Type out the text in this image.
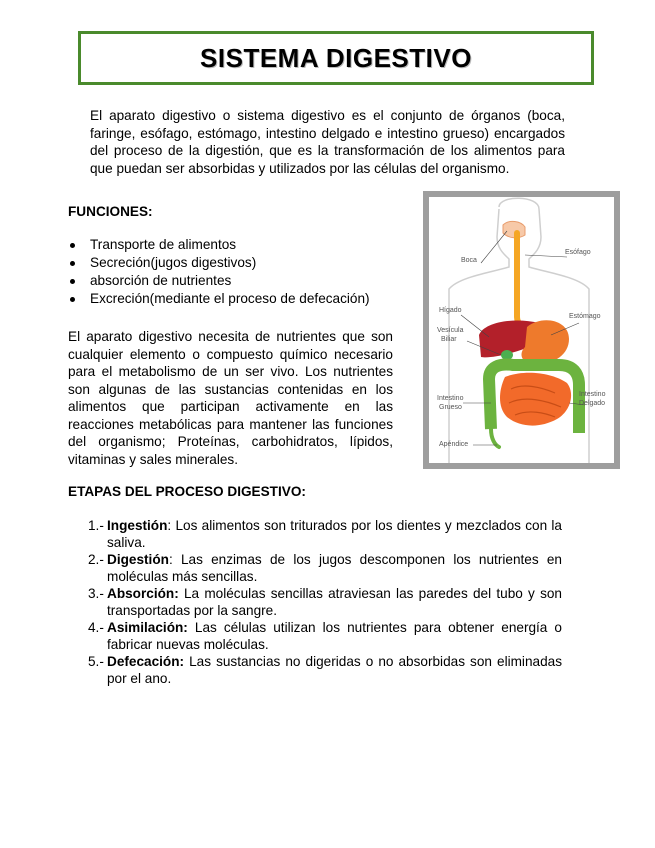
SISTEMA DIGESTIVO
El aparato digestivo o sistema digestivo es el conjunto de órganos (boca, faringe, esófago, estómago, intestino delgado e intestino grueso) encargados del proceso de la digestión, que es la transformación de los alimentos para que puedan ser absorbidas y utilizados por las células del organismo.
FUNCIONES:
Transporte de alimentos
Secreción(jugos digestivos)
absorción de nutrientes
Excreción(mediante el proceso de defecación)
El aparato digestivo necesita de nutrientes que son cualquier elemento o compuesto químico necesario para el metabolismo de un ser vivo. Los nutrientes son algunas de las sustancias contenidas en los alimentos que participan activamente en las reacciones metabólicas para mantener las funciones del organismo; Proteínas, carbohidratos, lípidos, vitaminas y sales minerales.
Boca
Esófago
Hígado
Estómago
Vesícula
Biliar
Intestino
Grueso
Intestino
Delgado
Apéndice
ETAPAS DEL PROCESO DIGESTIVO:
1.- Ingestión: Los alimentos son triturados por los dientes y mezclados con la saliva.
2.- Digestión: Las enzimas de los jugos descomponen los nutrientes en moléculas más sencillas.
3.- Absorción: La moléculas sencillas atraviesan las paredes del tubo y son transportadas por la sangre.
4.- Asimilación: Las células utilizan los nutrientes para obtener energía o fabricar nuevas moléculas.
5.- Defecación: Las sustancias no digeridas o no absorbidas son eliminadas por el ano.
